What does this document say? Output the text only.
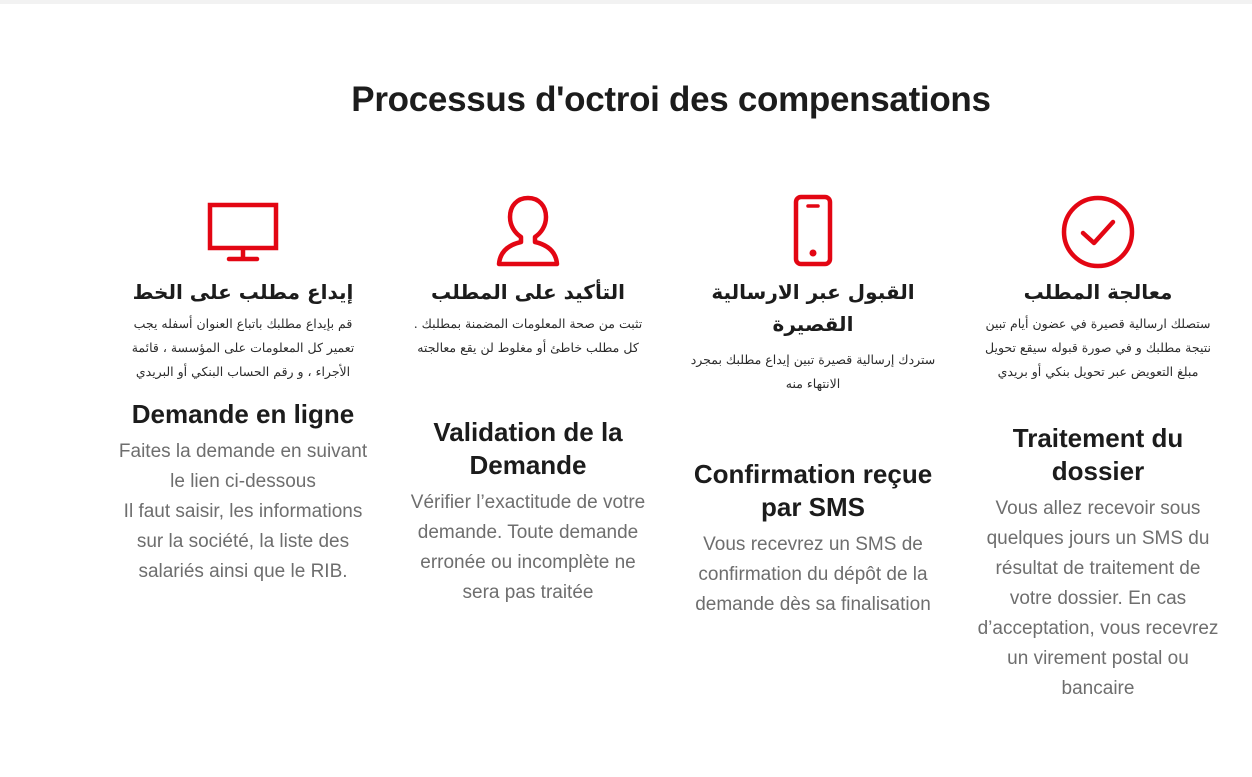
Processus d'octroi des compensations
إيداع مطلب على الخط

قم بإيداع مطلبك باتباع العنوان أسفله يجب تعمير كل المعلومات على المؤسسة ، قائمة الأجراء ، و رقم الحساب البنكي أو البريدي

Demande en ligne

Faites la demande en suivant le lien ci-dessous
Il faut saisir, les informations sur la société, la liste des salariés ainsi que le RIB.

التأكيد على المطلب

تثبت من صحة المعلومات المضمنة بمطلبك . كل مطلب خاطئ أو مغلوط لن يقع معالجته

Validation de la Demande

Vérifier l’exactitude de votre demande. Toute demande erronée ou incomplète ne sera pas traitée

القبول عبر الارسالية القصيرة

ستردك إرسالية قصيرة تبين إيداع مطلبك بمجرد الانتهاء منه

Confirmation reçue par SMS

Vous recevrez un SMS de confirmation du dépôt de la demande dès sa finalisation

معالجة المطلب

ستصلك ارسالية قصيرة في عضون أيام تبين نتيجة مطلبك و في صورة قبوله سيقع تحويل مبلغ التعويض عبر تحويل بنكي أو بريدي

Traitement du dossier

Vous allez recevoir sous quelques jours un SMS du résultat de traitement de votre dossier. En cas d’acceptation, vous recevrez un virement postal ou bancaire
